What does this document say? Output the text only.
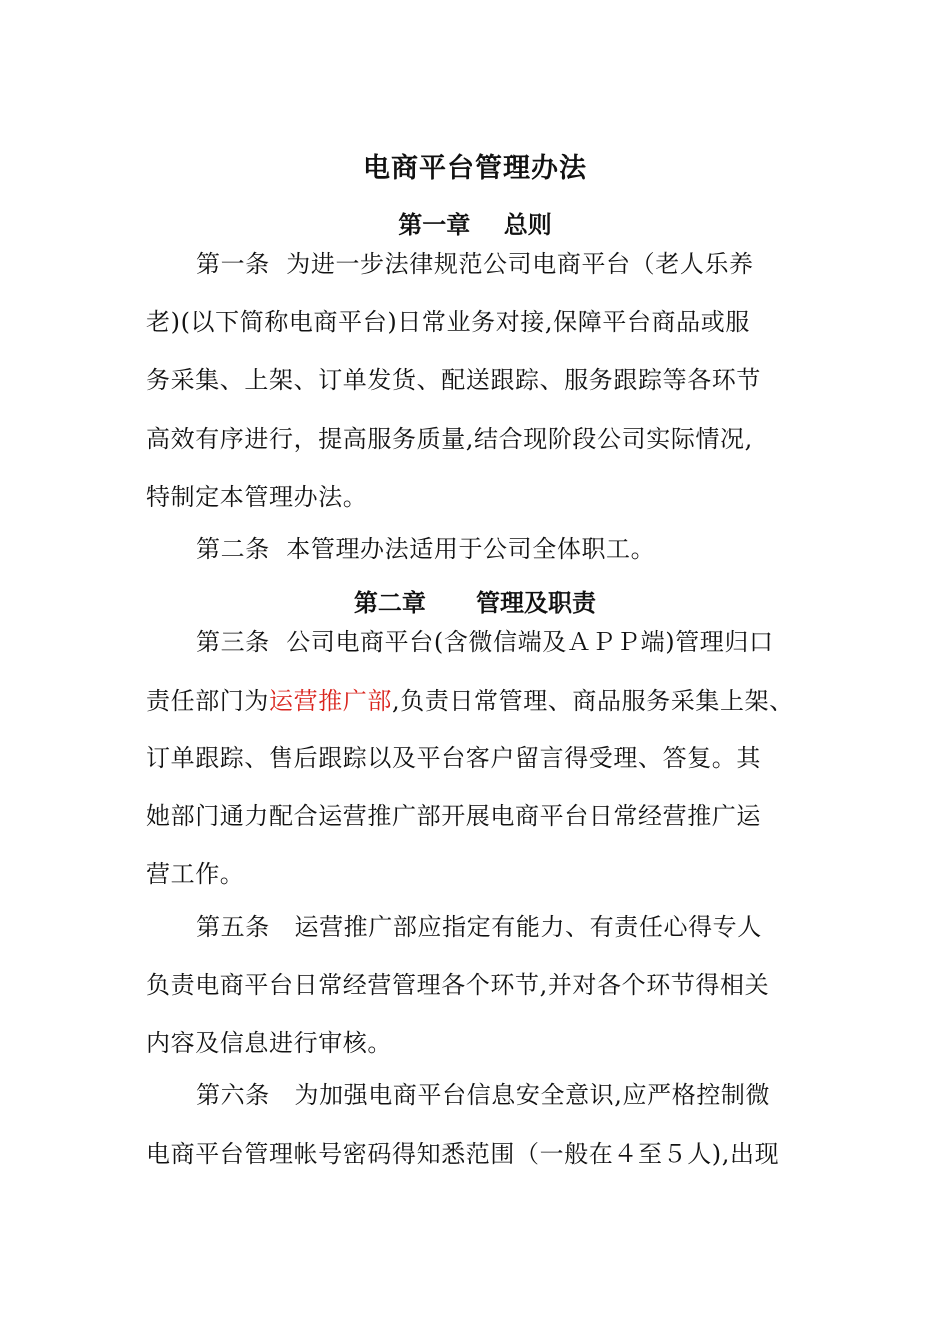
电商平台管理办法
第一章    总则
第一条  为进一步法律规范公司电商平台（老人乐养
老)(以下简称电商平台)日常业务对接,保障平台商品或服
务采集、上架、订单发货、配送跟踪、服务跟踪等各环节
高效有序进行，提高服务质量,结合现阶段公司实际情况,
特制定本管理办法。
第二条  本管理办法适用于公司全体职工。
第二章      管理及职责
第三条  公司电商平台(含微信端及ＡＰＰ端)管理归口
责任部门为运营推广部,负责日常管理、商品服务采集上架、
订单跟踪、售后跟踪以及平台客户留言得受理、答复。其
她部门通力配合运营推广部开展电商平台日常经营推广运
营工作。
第五条   运营推广部应指定有能力、有责任心得专人
负责电商平台日常经营管理各个环节,并对各个环节得相关
内容及信息进行审核。
第六条   为加强电商平台信息安全意识,应严格控制微
电商平台管理帐号密码得知悉范围（一般在４至５人),出现
